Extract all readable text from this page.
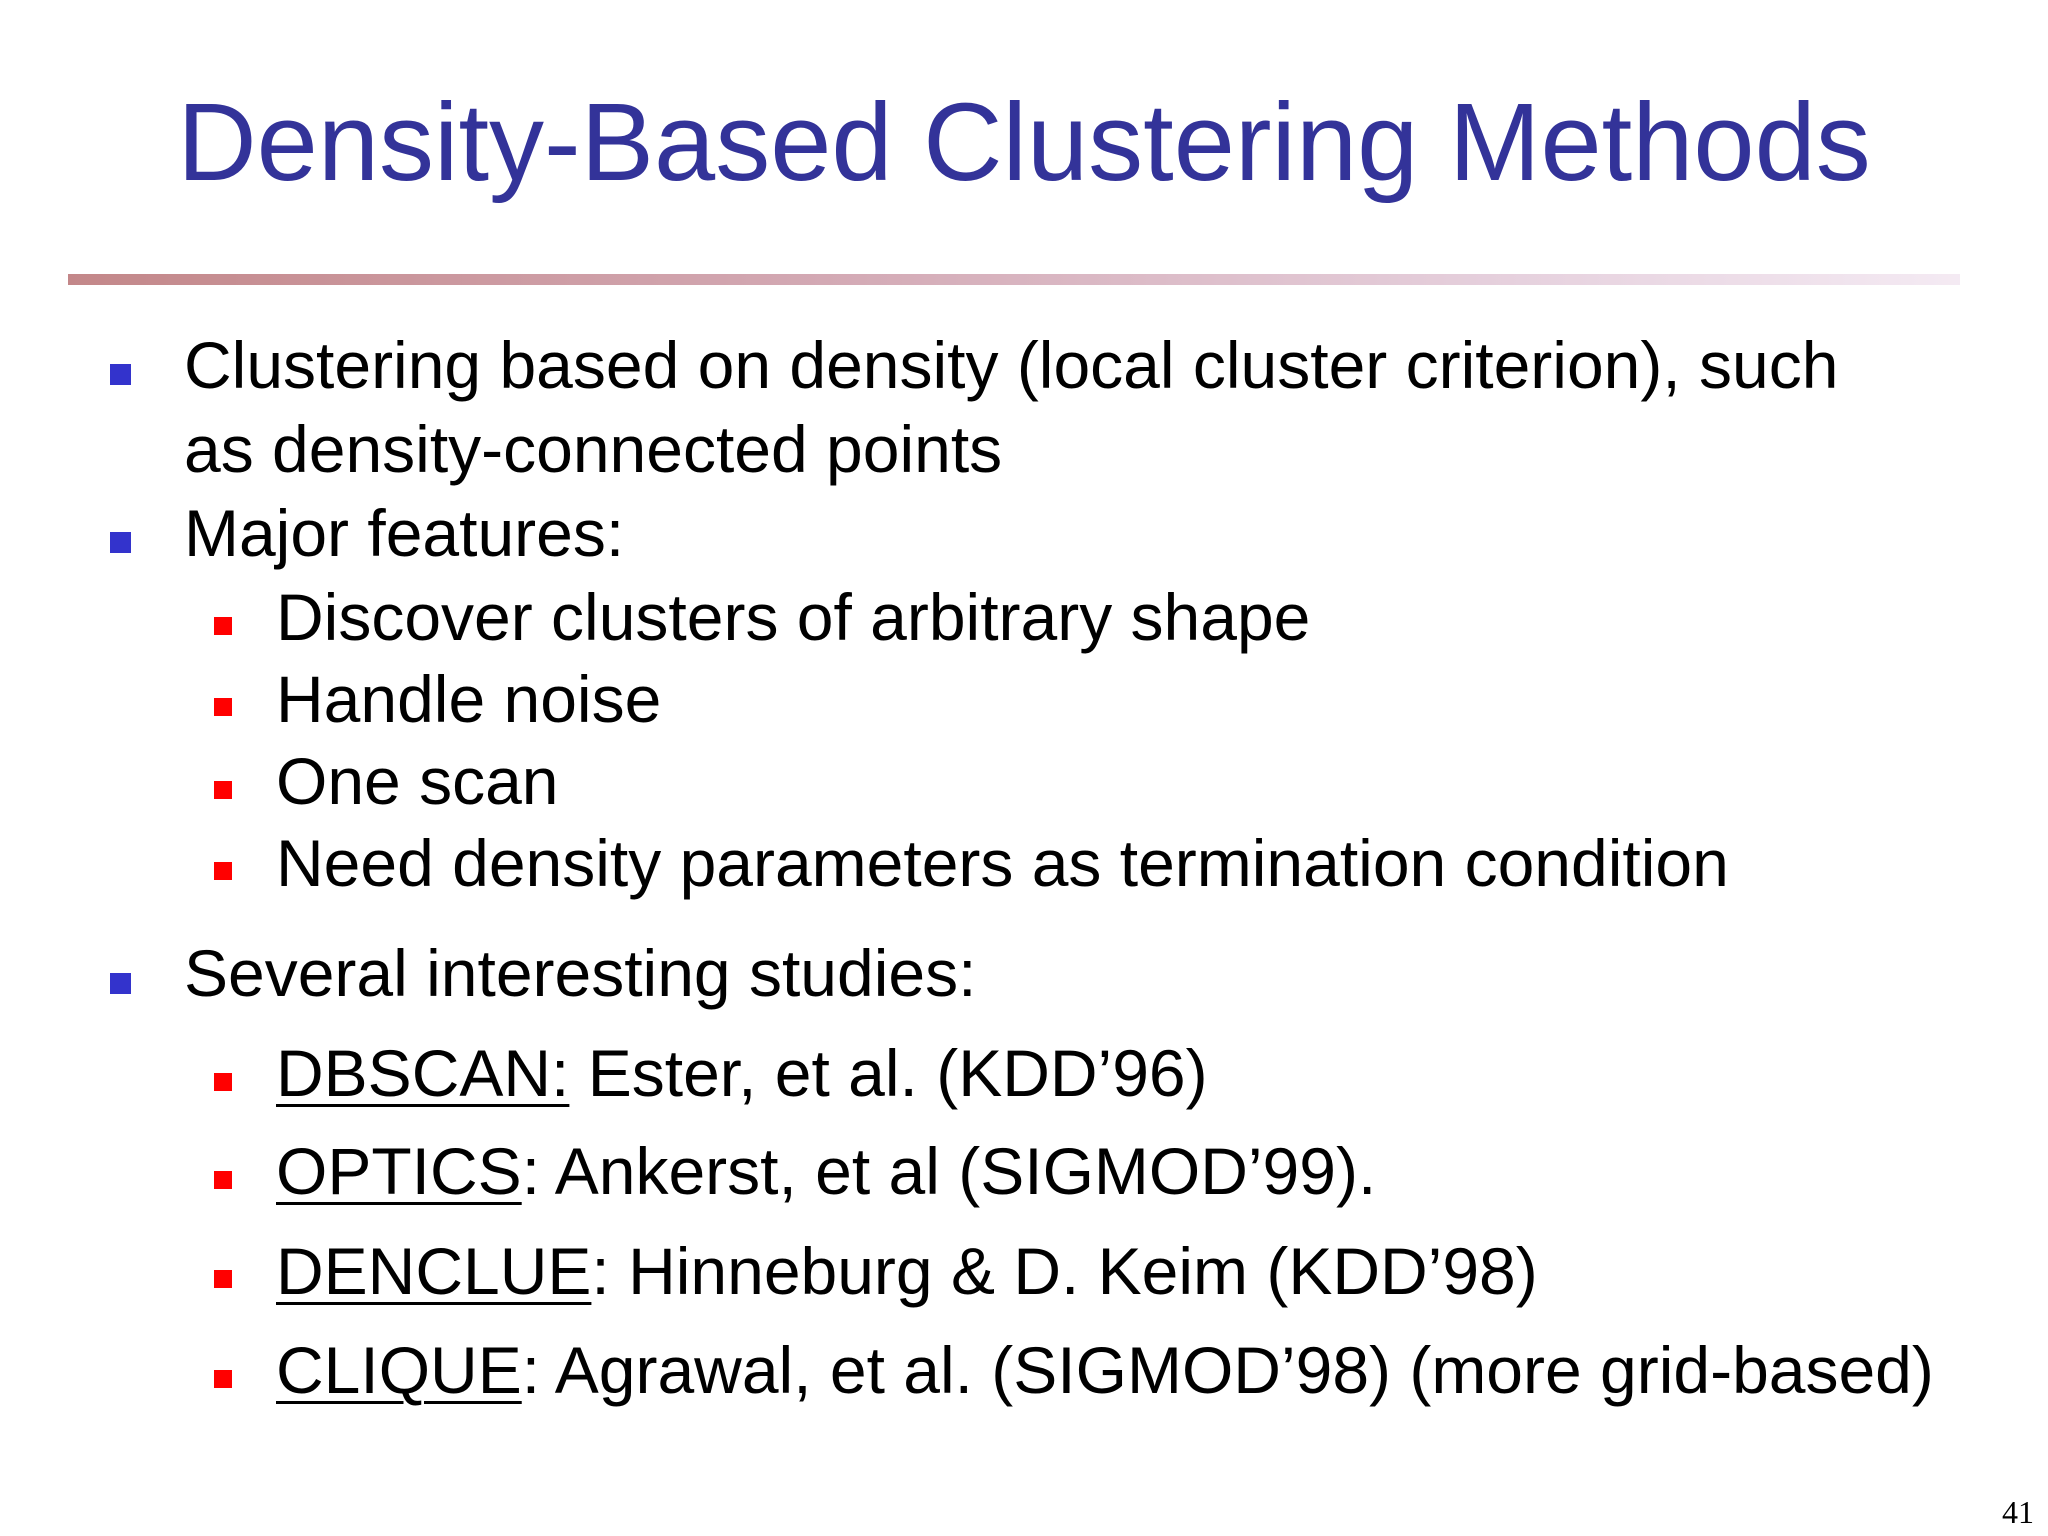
Density-Based Clustering Methods
Clustering based on density (local cluster criterion), such
as density-connected points
Major features:
Discover clusters of arbitrary shape
Handle noise
One scan
Need density parameters as termination condition
Several interesting studies:
DBSCAN: Ester, et al. (KDD’96)
OPTICS: Ankerst, et al (SIGMOD’99).
DENCLUE: Hinneburg & D. Keim (KDD’98)
CLIQUE: Agrawal, et al. (SIGMOD’98) (more grid-based)
41
